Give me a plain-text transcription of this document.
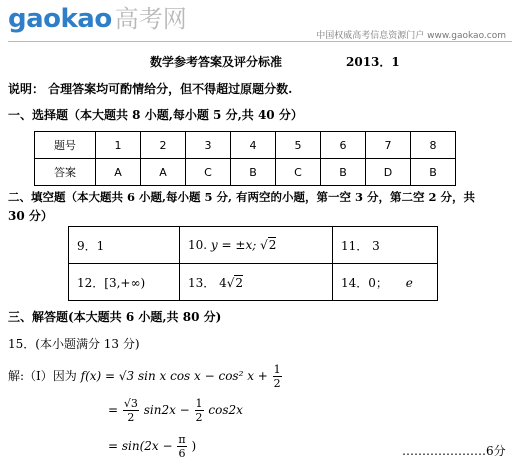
gaokao 高考网
中国权威高考信息资源门户 www.gaokao.com
数学参考答案及评分标准	2013．1
说明： 合理答案均可酌情给分，但不得超过原题分数.
一、选择题（本大题共 8 小题,每小题 5 分,共 40 分）
题号	1	2	3	4	5	6	7	8
答案	A	A	C	B	C	B	D	B
二、填空题（本大题共 6 小题,每小题 5 分, 有两空的小题，第一空 3 分，第二空 2 分，共
30 分）
9．1	10. y = ±x; √2	11． 3
12．[3,+∞)	13． 4√2	14．0； e
三、解答题(本大题共 6 小题,共 80 分)
15．(本小题满分 13 分)
解:（I）因为 f(x) = √3 sin x cos x − cos² $x + \frac{1}{2}$
= $\frac{√3}{2} \sin 2x - \frac{1}{2} \cos 2x$
= $\sin(2x - \frac{\pi}{6}$ )	…………………6分
